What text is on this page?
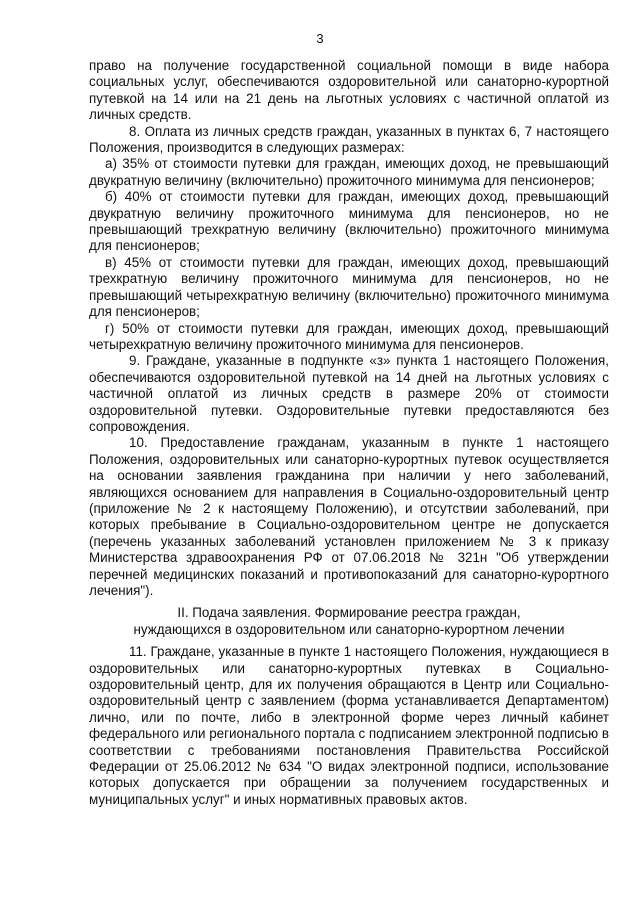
3

право на получение государственной социальной помощи в виде набора социальных услуг, обеспечиваются оздоровительной или санаторно-курортной путевкой на 14 или на 21 день на льготных условиях с частичной оплатой из личных средств.

8. Оплата из личных средств граждан, указанных в пунктах 6, 7 настоящего Положения, производится в следующих размерах:

а) 35% от стоимости путевки для граждан, имеющих доход, не превышающий двукратную величину (включительно) прожиточного минимума для пенсионеров;

б) 40% от стоимости путевки для граждан, имеющих доход, превышающий двукратную величину прожиточного минимума для пенсионеров, но не превышающий трехкратную величину (включительно) прожиточного минимума для пенсионеров;

в) 45% от стоимости путевки для граждан, имеющих доход, превышающий трехкратную величину прожиточного минимума для пенсионеров, но не превышающий четырехкратную величину (включительно) прожиточного минимума для пенсионеров;

г) 50% от стоимости путевки для граждан, имеющих доход, превышающий четырехкратную величину прожиточного минимума для пенсионеров.

9. Граждане, указанные в подпункте «з» пункта 1 настоящего Положения, обеспечиваются оздоровительной путевкой на 14 дней на льготных условиях с частичной оплатой из личных средств в размере 20% от стоимости оздоровительной путевки. Оздоровительные путевки предоставляются без сопровождения.

10. Предоставление гражданам, указанным в пункте 1 настоящего Положения, оздоровительных или санаторно-курортных путевок осуществляется на основании заявления гражданина при наличии у него заболеваний, являющихся основанием для направления в Социально-оздоровительный центр (приложение № 2 к настоящему Положению), и отсутствии заболеваний, при которых пребывание в Социально-оздоровительном центре не допускается (перечень указанных заболеваний установлен приложением № 3 к приказу Министерства здравоохранения РФ от 07.06.2018 № 321н "Об утверждении перечней медицинских показаний и противопоказаний для санаторно-курортного лечения").

II. Подача заявления. Формирование реестра граждан,
нуждающихся в оздоровительном или санаторно-курортном лечении

11. Граждане, указанные в пункте 1 настоящего Положения, нуждающиеся в оздоровительных или санаторно-курортных путевках в Социально-оздоровительный центр, для их получения обращаются в Центр или Социально-оздоровительный центр с заявлением (форма устанавливается Департаментом) лично, или по почте, либо в электронной форме через личный кабинет федерального или регионального портала с подписанием электронной подписью в соответствии с требованиями постановления Правительства Российской Федерации от 25.06.2012 № 634 "О видах электронной подписи, использование которых допускается при обращении за получением государственных и муниципальных услуг" и иных нормативных правовых актов.
